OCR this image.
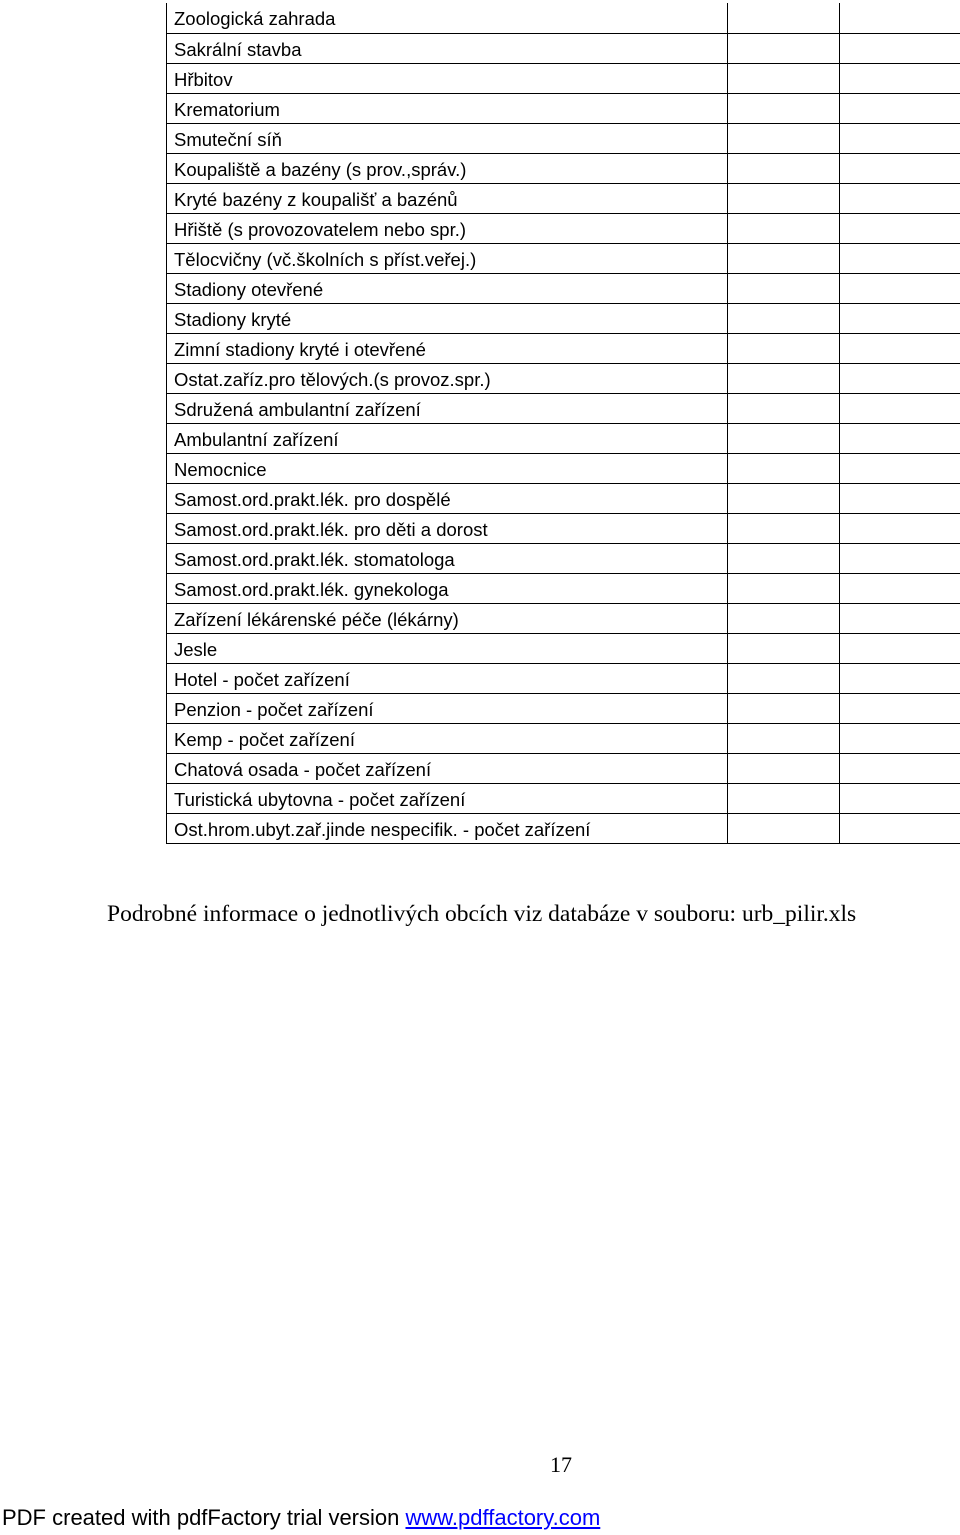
Zoologická zahrada		
Sakrální stavba		
Hřbitov		
Krematorium		
Smuteční síň		
Koupaliště a bazény (s prov.,správ.)		
Kryté bazény z koupališť a bazénů		
Hřiště (s provozovatelem nebo spr.)		
Tělocvičny (vč.školních s příst.veřej.)		
Stadiony otevřené		
Stadiony kryté		
Zimní stadiony kryté i otevřené		
Ostat.zaříz.pro tělových.(s provoz.spr.)		
Sdružená ambulantní zařízení		
Ambulantní zařízení		
Nemocnice		
Samost.ord.prakt.lék. pro dospělé		
Samost.ord.prakt.lék. pro děti a dorost		
Samost.ord.prakt.lék. stomatologa		
Samost.ord.prakt.lék. gynekologa		
Zařízení lékárenské péče (lékárny)		
Jesle		
Hotel - počet zařízení		
Penzion - počet zařízení		
Kemp - počet zařízení		
Chatová osada - počet zařízení		
Turistická ubytovna - počet zařízení		
Ost.hrom.ubyt.zař.jinde nespecifik. - počet zařízení		

Podrobné informace o jednotlivých obcích viz databáze v souboru: urb_pilir.xls

17

PDF created with pdfFactory trial version www.pdffactory.com
